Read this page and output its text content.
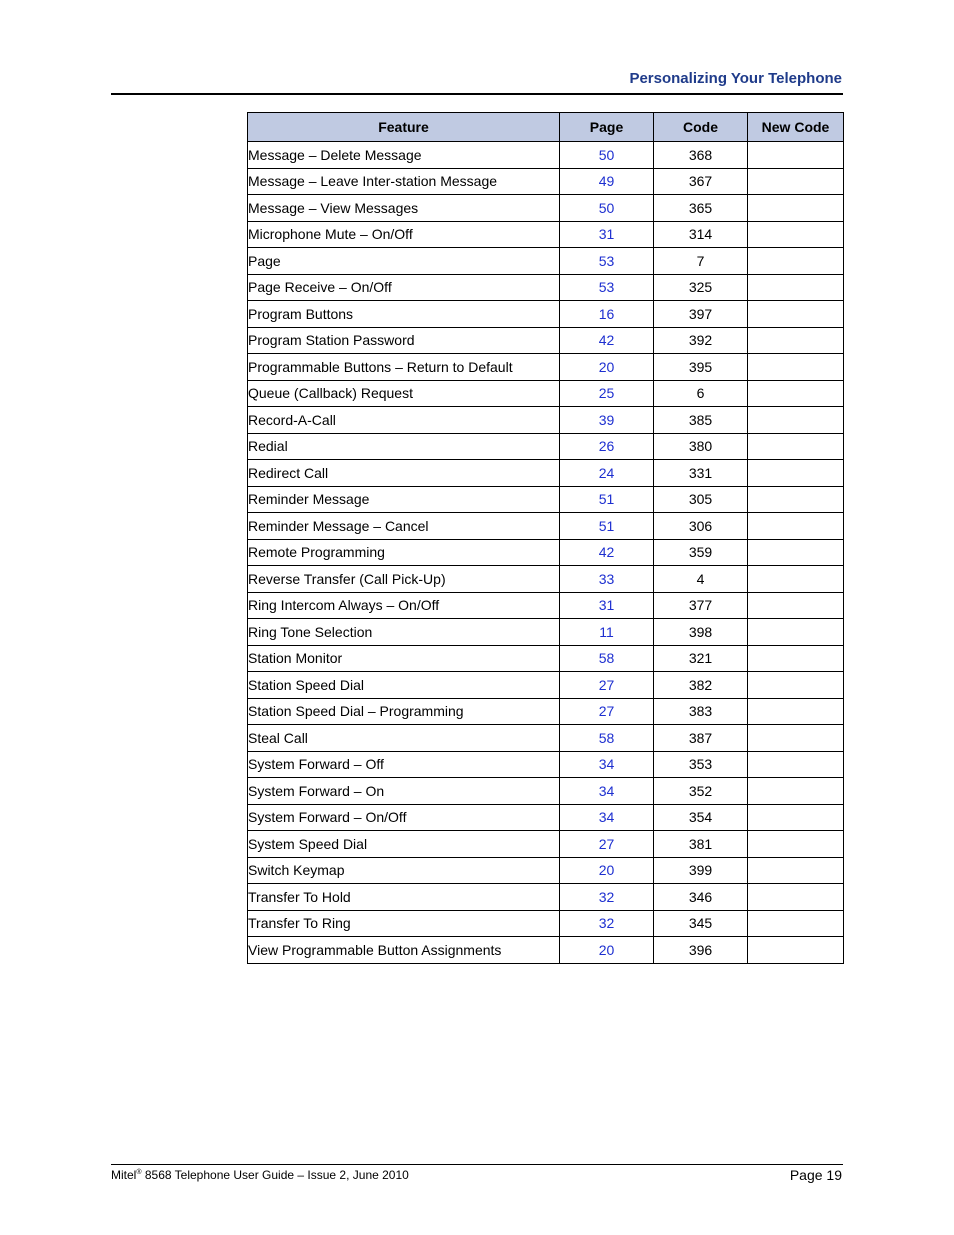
Personalizing Your Telephone
Feature	Page	Code	New Code
Message – Delete Message	50	368	
Message – Leave Inter-station Message	49	367	
Message – View Messages	50	365	
Microphone Mute – On/Off	31	314	
Page	53	7	
Page Receive – On/Off	53	325	
Program Buttons	16	397	
Program Station Password	42	392	
Programmable Buttons – Return to Default	20	395	
Queue (Callback) Request	25	6	
Record-A-Call	39	385	
Redial	26	380	
Redirect Call	24	331	
Reminder Message	51	305	
Reminder Message – Cancel	51	306	
Remote Programming	42	359	
Reverse Transfer (Call Pick-Up)	33	4	
Ring Intercom Always – On/Off	31	377	
Ring Tone Selection	11	398	
Station Monitor	58	321	
Station Speed Dial	27	382	
Station Speed Dial – Programming	27	383	
Steal Call	58	387	
System Forward – Off	34	353	
System Forward – On	34	352	
System Forward – On/Off	34	354	
System Speed Dial	27	381	
Switch Keymap	20	399	
Transfer To Hold	32	346	
Transfer To Ring	32	345	
View Programmable Button Assignments	20	396	
Mitel® 8568 Telephone User Guide – Issue 2, June 2010	Page 19
